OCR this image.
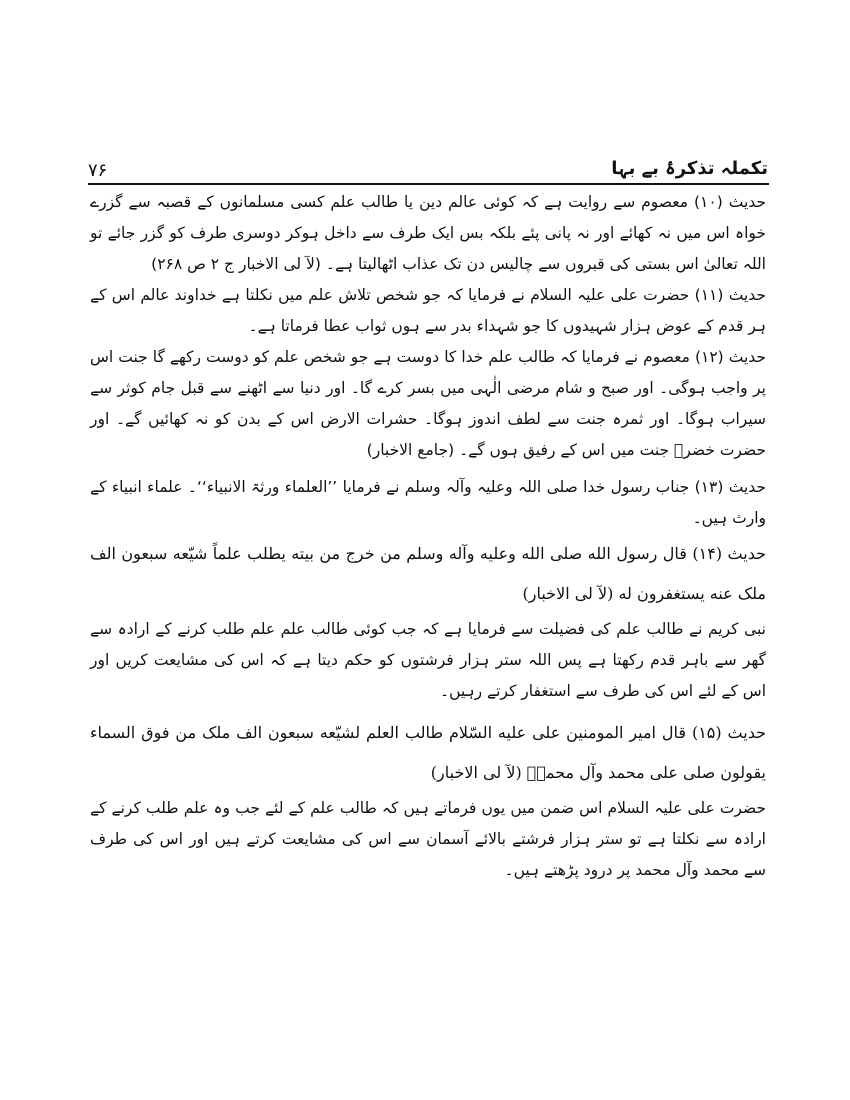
۷۶	تکملہ تذکرۂ بے بہا

حدیث (۱۰) معصوم سے روایت ہے کہ کوئی عالم دین یا طالب علم کسی مسلمانوں کے قصبہ سے گزرے خواہ اس میں نہ کھائے اور نہ پانی پئے بلکہ بس ایک طرف سے داخل ہوکر دوسری طرف کو گزر جائے تو اللہ تعالیٰ اس بستی کی قبروں سے چالیس دن تک عذاب اٹھالیتا ہے۔ (لآ لی الاخبار ج ۲ ص ۲۶۸)

حدیث (۱۱) حضرت علی علیہ السلام نے فرمایا کہ جو شخص تلاش علم میں نکلتا ہے خداوند عالم اس کے ہر قدم کے عوض ہزار شہیدوں کا جو شہداء بدر سے ہوں ثواب عطا فرماتا ہے۔

حدیث (۱۲) معصوم نے فرمایا کہ طالب علم خدا کا دوست ہے جو شخص علم کو دوست رکھے گا جنت اس پر واجب ہوگی۔ اور صبح و شام مرضی الٰہی میں بسر کرے گا۔ اور دنیا سے اٹھنے سے قبل جام کوثر سے سیراب ہوگا۔ اور ثمرہ جنت سے لطف اندوز ہوگا۔ حشرات الارض اس کے بدن کو نہ کھائیں گے۔ اور حضرت خضرؑ جنت میں اس کے رفیق ہوں گے۔ (جامع الاخبار)

حدیث (۱۳) جناب رسول خدا صلی اللہ وعلیہ وآلہ وسلم نے فرمایا ’’العلماء ورثۃ الانبیاء‘‘۔ علماء انبیاء کے وارث ہیں۔

حدیث (۱۴) قال رسول الله صلى الله وعليه وآله وسلم من خرج من بيته يطلب علماً شيّعه سبعون الف ملک عنه يستغفرون له (لآ لی الاخبار)

نبی کریم نے طالب علم کی فضیلت سے فرمایا ہے کہ جب کوئی طالب علم علم طلب کرنے کے ارادہ سے گھر سے باہر قدم رکھتا ہے پس اللہ ستر ہزار فرشتوں کو حکم دیتا ہے کہ اس کی مشایعت کریں اور اس کے لئے اس کی طرف سے استغفار کرتے رہیں۔

حديث (۱۵) قال امير المومنين على عليه السّلام طالب العلم لشيّعه سبعون الف ملک من فوق السماء يقولون صلى على محمد وآل محمدؐ (لآ لی الاخبار)

حضرت علی علیہ السلام اس ضمن میں یوں فرماتے ہیں کہ طالب علم کے لئے جب وہ علم طلب کرنے کے ارادہ سے نکلتا ہے تو ستر ہزار فرشتے بالائے آسمان سے اس کی مشایعت کرتے ہیں اور اس کی طرف سے محمد وآل محمد پر درود پڑھتے ہیں۔
